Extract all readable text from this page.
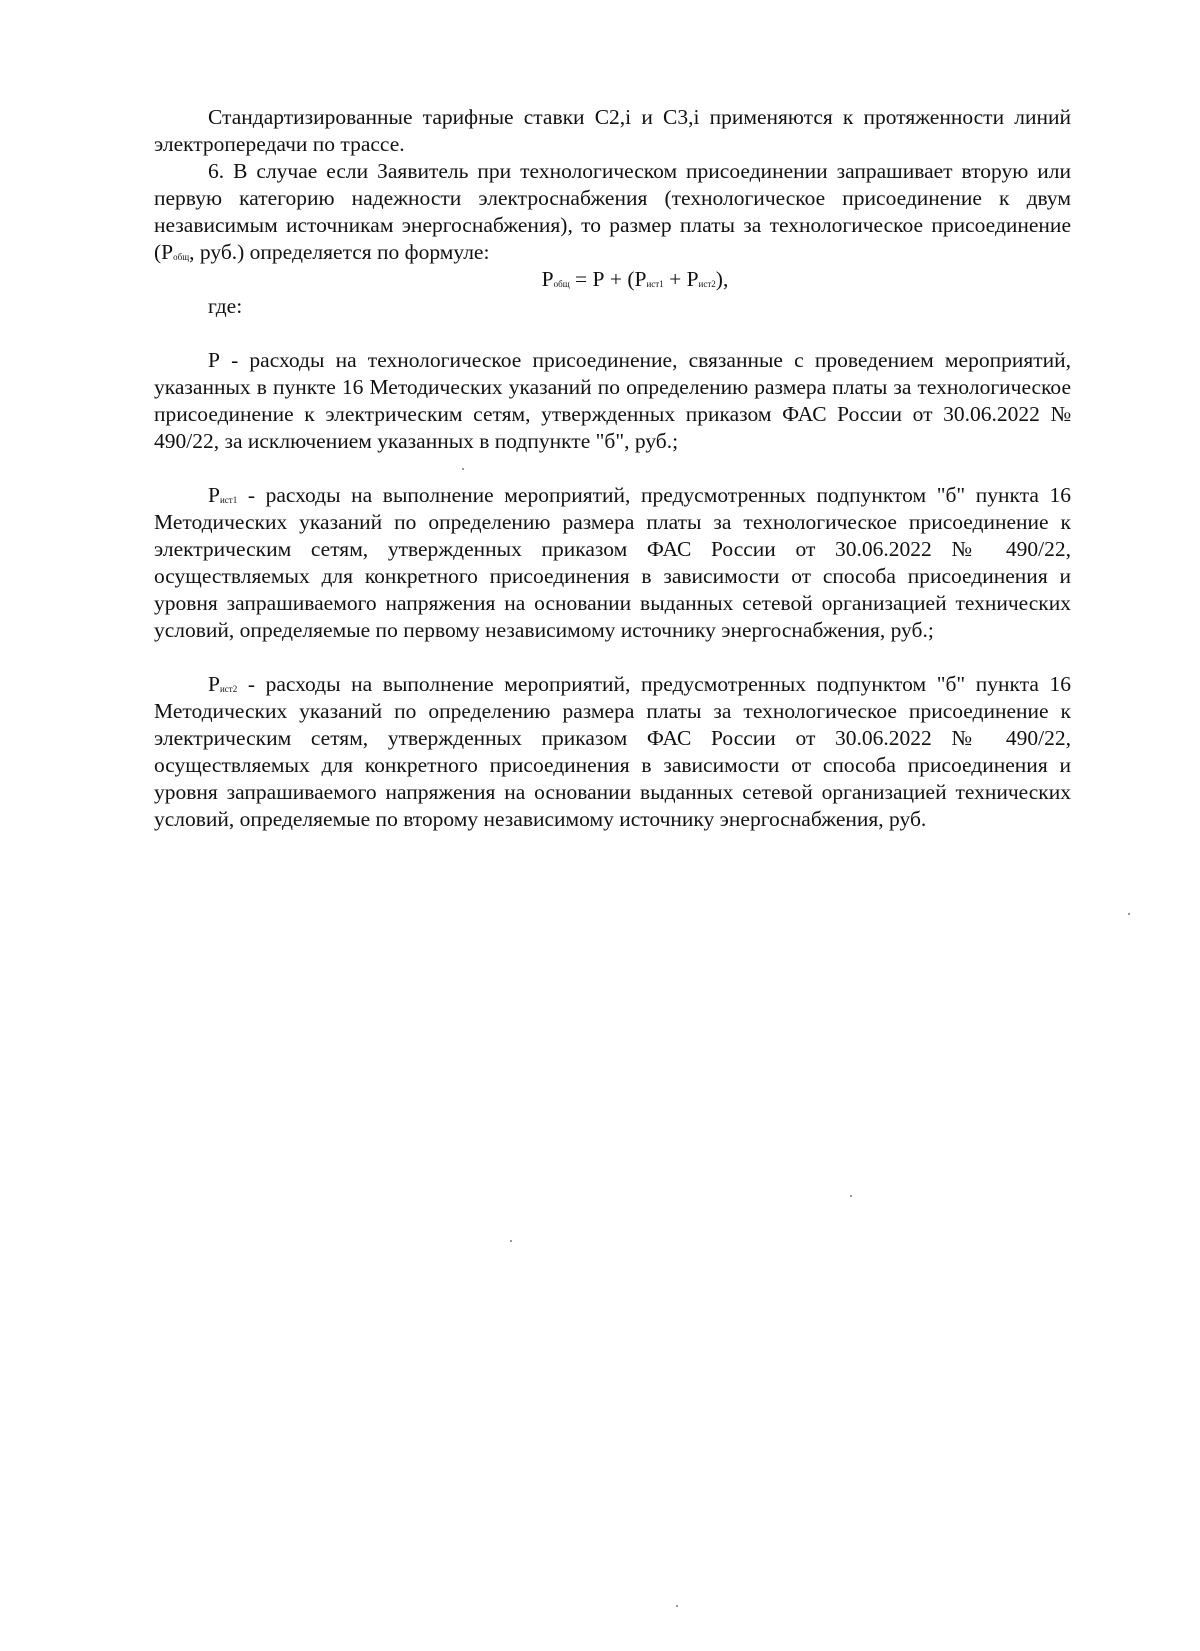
Стандартизированные тарифные ставки С2,i и С3,i применяются к протяженности линий электропередачи по трассе.

6. В случае если Заявитель при технологическом присоединении запрашивает вторую или первую категорию надежности электроснабжения (технологическое присоединение к двум независимым источникам энергоснабжения), то размер платы за технологическое присоединение ($Р_{общ}$, руб.) определяется по формуле:

$Р_{общ} = Р + (Р_{ист1} + Р_{ист2})$,

где:

Р - расходы на технологическое присоединение, связанные с проведением мероприятий, указанных в пункте 16 Методических указаний по определению размера платы за технологическое присоединение к электрическим сетям, утвержденных приказом ФАС России от 30.06.2022 № 490/22, за исключением указанных в подпункте "б", руб.;

$Р_{ист1}$ - расходы на выполнение мероприятий, предусмотренных подпунктом "б" пункта 16 Методических указаний по определению размера платы за технологическое присоединение к электрическим сетям, утвержденных приказом ФАС России от 30.06.2022 № 490/22, осуществляемых для конкретного присоединения в зависимости от способа присоединения и уровня запрашиваемого напряжения на основании выданных сетевой организацией технических условий, определяемые по первому независимому источнику энергоснабжения, руб.;

$Р_{ист2}$ - расходы на выполнение мероприятий, предусмотренных подпунктом "б" пункта 16 Методических указаний по определению размера платы за технологическое присоединение к электрическим сетям, утвержденных приказом ФАС России от 30.06.2022 № 490/22, осуществляемых для конкретного присоединения в зависимости от способа присоединения и уровня запрашиваемого напряжения на основании выданных сетевой организацией технических условий, определяемые по второму независимому источнику энергоснабжения, руб.
